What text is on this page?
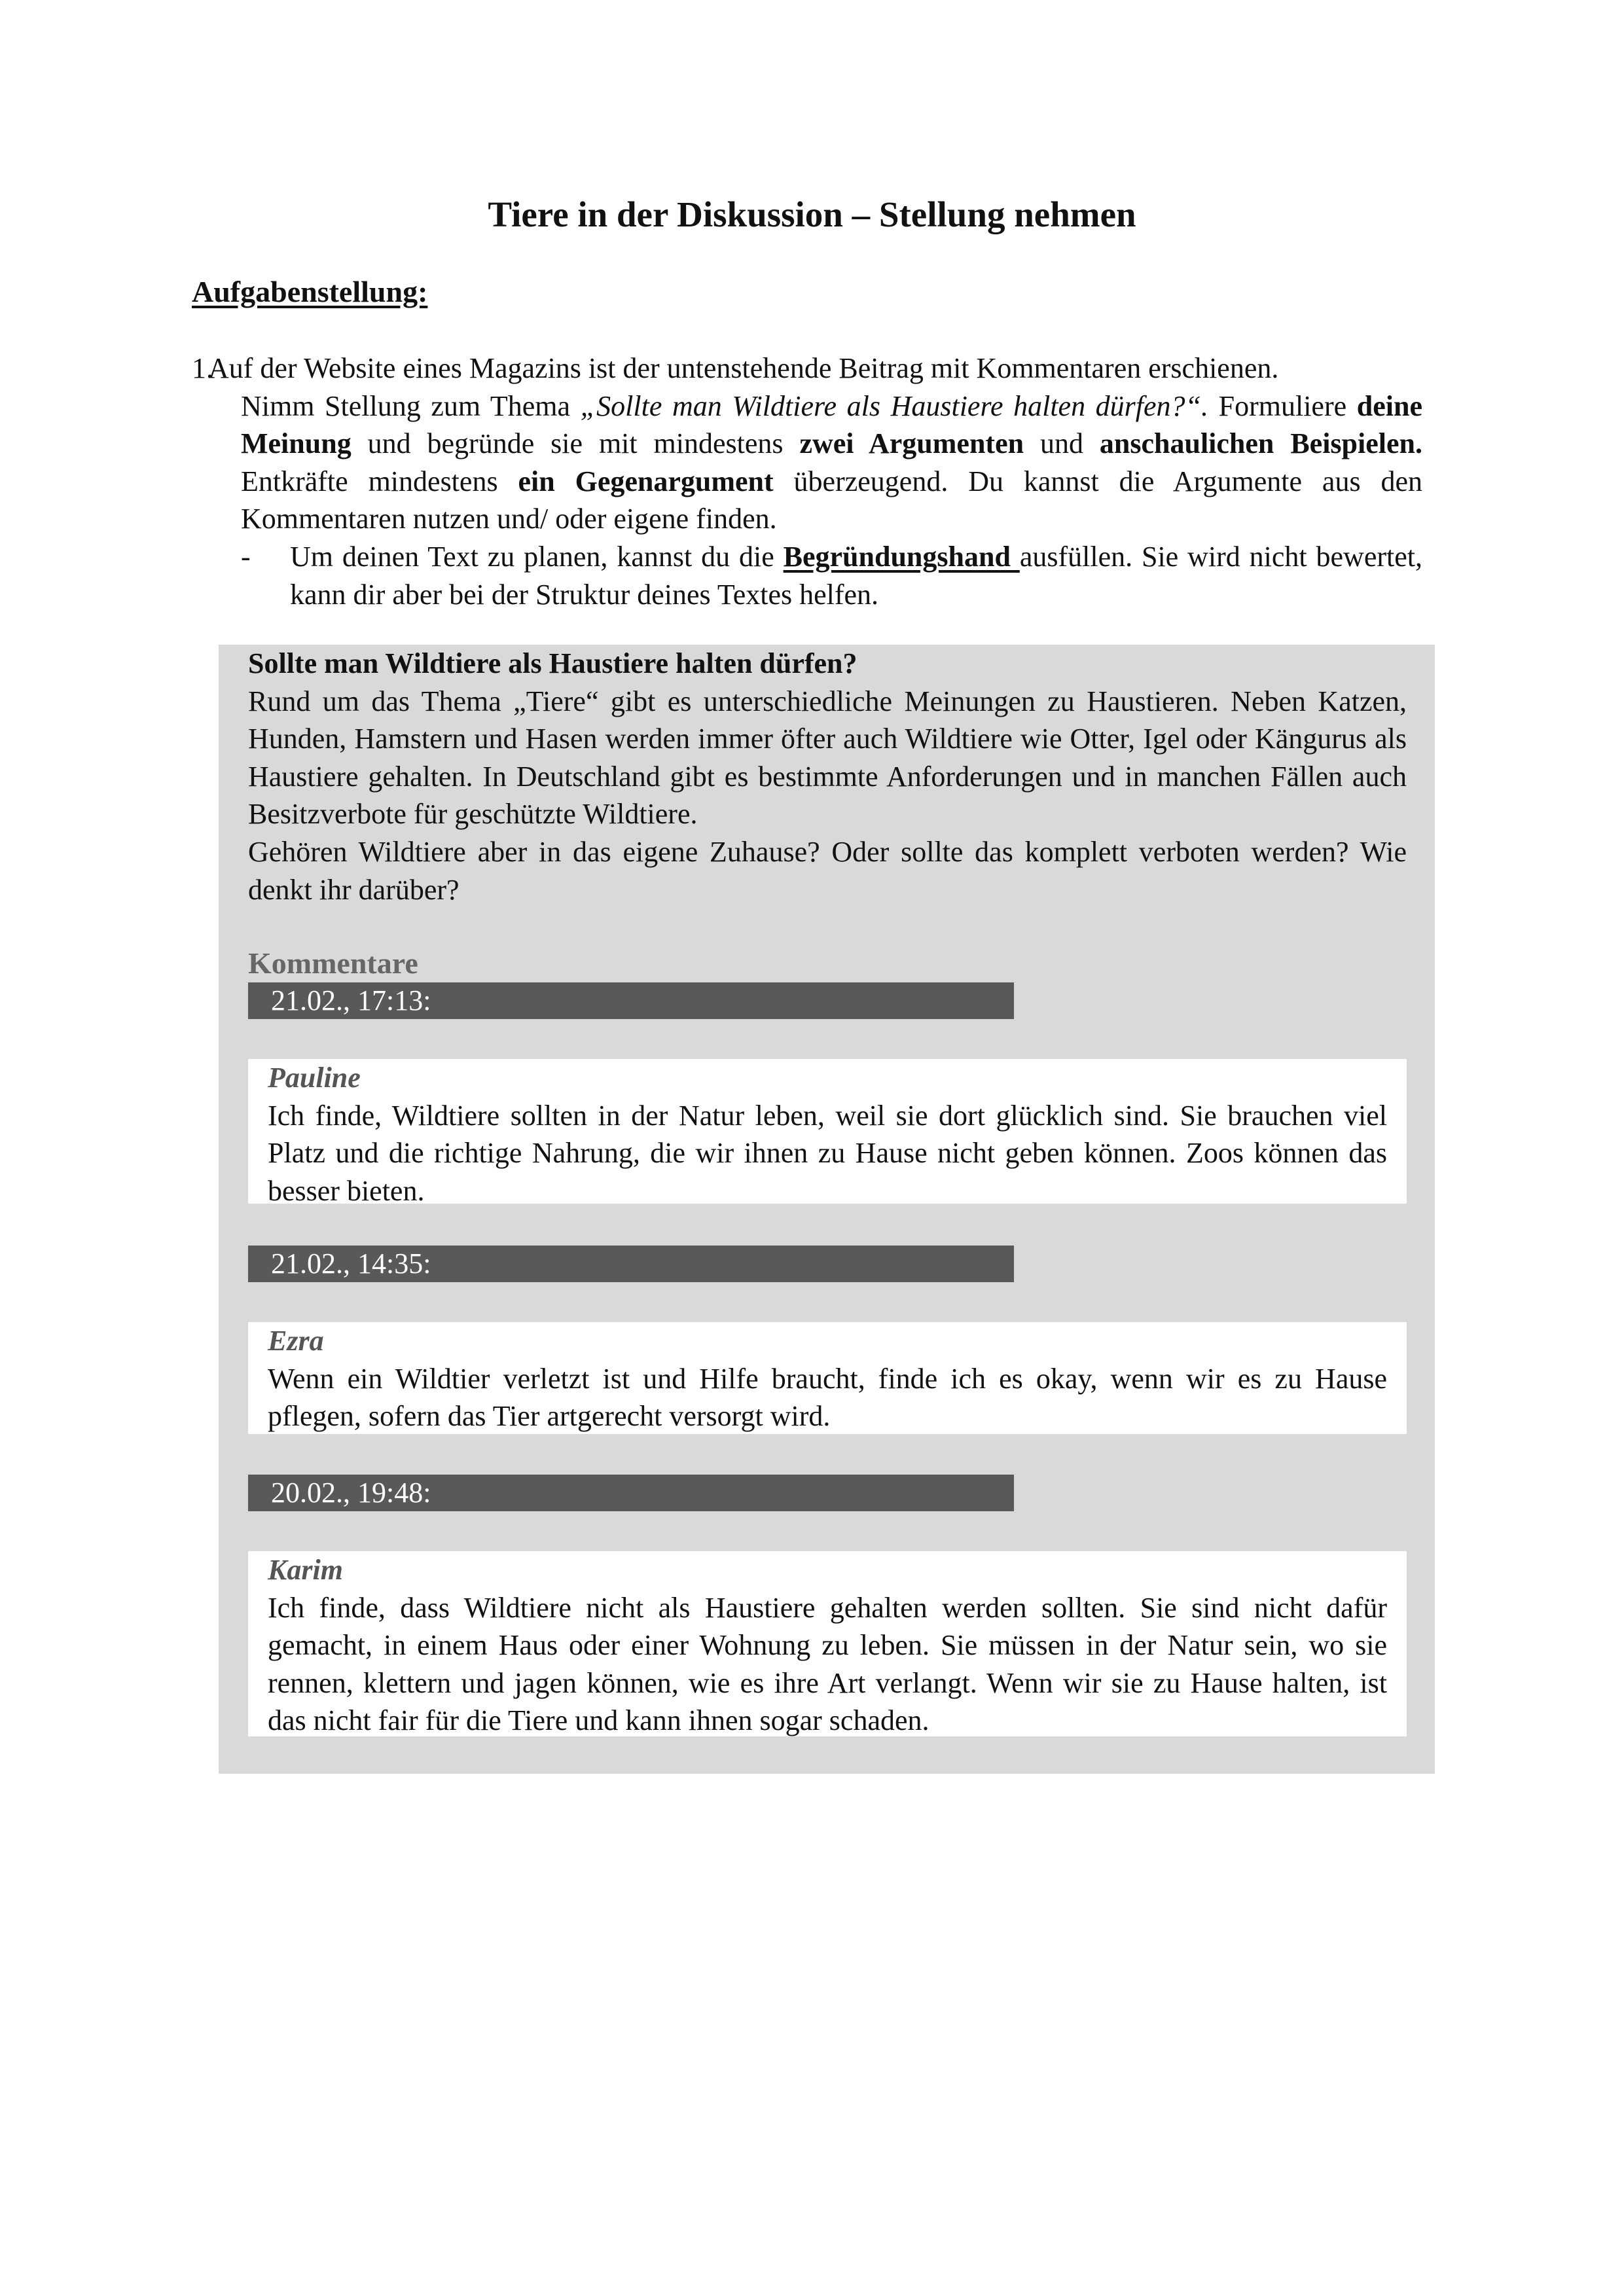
Tiere in der Diskussion – Stellung nehmen
Aufgabenstellung:
1.
Auf der Website eines Magazins ist der untenstehende Beitrag mit Kommentaren erschienen.
Nimm Stellung zum Thema „Sollte man Wildtiere als Haustiere halten dürfen?“. Formuliere deine Meinung und begründe sie mit mindestens zwei Argumenten und anschaulichen Beispielen. Entkräfte mindestens ein Gegenargument überzeugend. Du kannst die Argumente aus den Kommentaren nutzen und/ oder eigene finden.
- Um deinen Text zu planen, kannst du die Begründungshand ausfüllen. Sie wird nicht bewertet, kann dir aber bei der Struktur deines Textes helfen.
Sollte man Wildtiere als Haustiere halten dürfen?

Rund um das Thema „Tiere“ gibt es unterschiedliche Meinungen zu Haustieren. Neben Katzen, Hunden, Hamstern und Hasen werden immer öfter auch Wildtiere wie Otter, Igel oder Kängurus als Haustiere gehalten. In Deutschland gibt es bestimmte Anforderungen und in manchen Fällen auch Besitzverbote für geschützte Wildtiere.

Gehören Wildtiere aber in das eigene Zuhause? Oder sollte das komplett verboten werden? Wie denkt ihr darüber?

Kommentare
21.02., 17:13:
Pauline

Ich finde, Wildtiere sollten in der Natur leben, weil sie dort glücklich sind. Sie brauchen viel Platz und die richtige Nahrung, die wir ihnen zu Hause nicht geben können. Zoos können das besser bieten.

21.02., 14:35:
Ezra

Wenn ein Wildtier verletzt ist und Hilfe braucht, finde ich es okay, wenn wir es zu Hause pflegen, sofern das Tier artgerecht versorgt wird.

20.02., 19:48:
Karim

Ich finde, dass Wildtiere nicht als Haustiere gehalten werden sollten. Sie sind nicht dafür gemacht, in einem Haus oder einer Wohnung zu leben. Sie müssen in der Natur sein, wo sie rennen, klettern und jagen können, wie es ihre Art verlangt. Wenn wir sie zu Hause halten, ist das nicht fair für die Tiere und kann ihnen sogar schaden.
